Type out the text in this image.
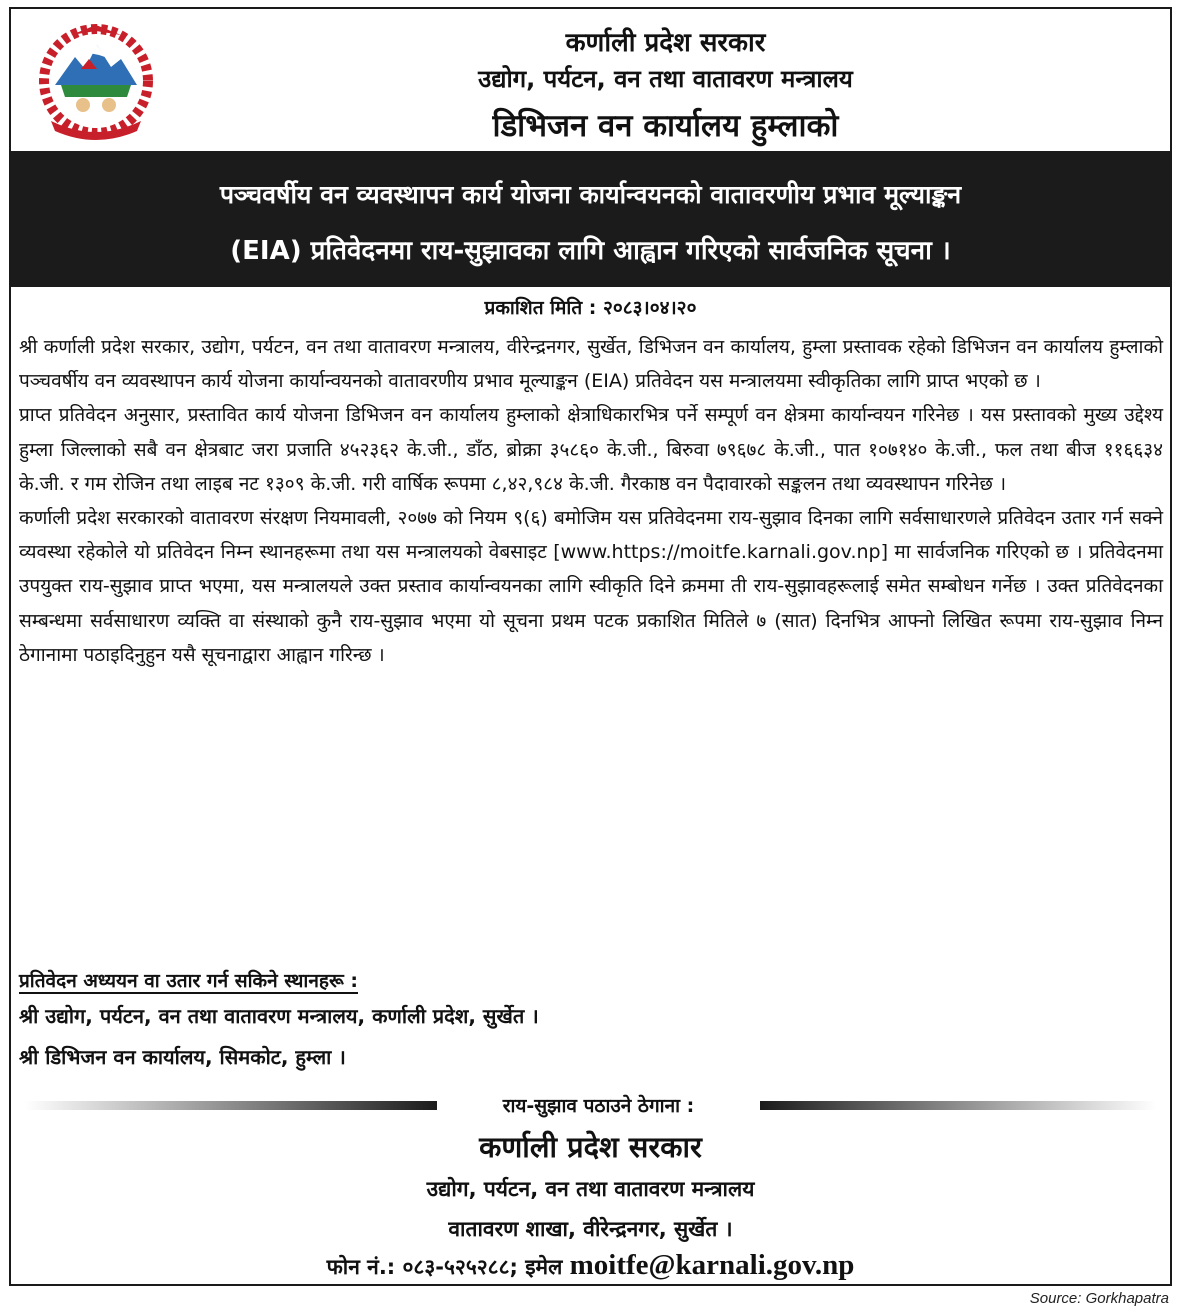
कर्णाली प्रदेश सरकार
उद्योग, पर्यटन, वन तथा वातावरण मन्त्रालय
डिभिजन वन कार्यालय हुम्लाको
पञ्चवर्षीय वन व्यवस्थापन कार्य योजना कार्यान्वयनको वातावरणीय प्रभाव मूल्याङ्कन
(EIA) प्रतिवेदनमा राय-सुझावका लागि आह्वान गरिएको सार्वजनिक सूचना ।
प्रकाशित मिति : २०८३।०४।२०

श्री कर्णाली प्रदेश सरकार, उद्योग, पर्यटन, वन तथा वातावरण मन्त्रालय, वीरेन्द्रनगर, सुर्खेत, डिभिजन वन कार्यालय, हुम्ला प्रस्तावक रहेको डिभिजन वन कार्यालय हुम्लाको पञ्चवर्षीय वन व्यवस्थापन कार्य योजना कार्यान्वयनको वातावरणीय प्रभाव मूल्याङ्कन (EIA) प्रतिवेदन यस मन्त्रालयमा स्वीकृतिका लागि प्राप्त भएको छ ।

प्राप्त प्रतिवेदन अनुसार, प्रस्तावित कार्य योजना डिभिजन वन कार्यालय हुम्लाको क्षेत्राधिकारभित्र पर्ने सम्पूर्ण वन क्षेत्रमा कार्यान्वयन गरिनेछ । यस प्रस्तावको मुख्य उद्देश्य हुम्ला जिल्लाको सबै वन क्षेत्रबाट जरा प्रजाति ४५२३६२ के.जी., डाँठ, ब्रोक्रा ३५८६० के.जी., बिरुवा ७९६७८ के.जी., पात १०७१४० के.जी., फल तथा बीज ११६६३४ के.जी. र गम रोजिन तथा लाइब नट १३०९ के.जी. गरी वार्षिक रूपमा ८,४२,९८४ के.जी. गैरकाष्ठ वन पैदावारको सङ्कलन तथा व्यवस्थापन गरिनेछ ।

कर्णाली प्रदेश सरकारको वातावरण संरक्षण नियमावली, २०७७ को नियम ९(६) बमोजिम यस प्रतिवेदनमा राय-सुझाव दिनका लागि सर्वसाधारणले प्रतिवेदन उतार गर्न सक्ने व्यवस्था रहेकोले यो प्रतिवेदन निम्न स्थानहरूमा तथा यस मन्त्रालयको वेबसाइट [www.https://moitfe.karnali.gov.np] मा सार्वजनिक गरिएको छ । प्रतिवेदनमा उपयुक्त राय-सुझाव प्राप्त भएमा, यस मन्त्रालयले उक्त प्रस्ताव कार्यान्वयनका लागि स्वीकृति दिने क्रममा ती राय-सुझावहरूलाई समेत सम्बोधन गर्नेछ । उक्त प्रतिवेदनका सम्बन्धमा सर्वसाधारण व्यक्ति वा संस्थाको कुनै राय-सुझाव भएमा यो सूचना प्रथम पटक प्रकाशित मितिले ७ (सात) दिनभित्र आफ्नो लिखित रूपमा राय-सुझाव निम्न ठेगानामा पठाइदिनुहुन यसै सूचनाद्वारा आह्वान गरिन्छ ।

प्रतिवेदन अध्ययन वा उतार गर्न सकिने स्थानहरू :
श्री उद्योग, पर्यटन, वन तथा वातावरण मन्त्रालय, कर्णाली प्रदेश, सुर्खेत ।
श्री डिभिजन वन कार्यालय, सिमकोट, हुम्ला ।
राय-सुझाव पठाउने ठेगाना :
कर्णाली प्रदेश सरकार
उद्योग, पर्यटन, वन तथा वातावरण मन्त्रालय
वातावरण शाखा, वीरेन्द्रनगर, सुर्खेत ।
फोन नं.: ०८३-५२५२८८; इमेल moitfe@karnali.gov.np
Source: Gorkhapatra
